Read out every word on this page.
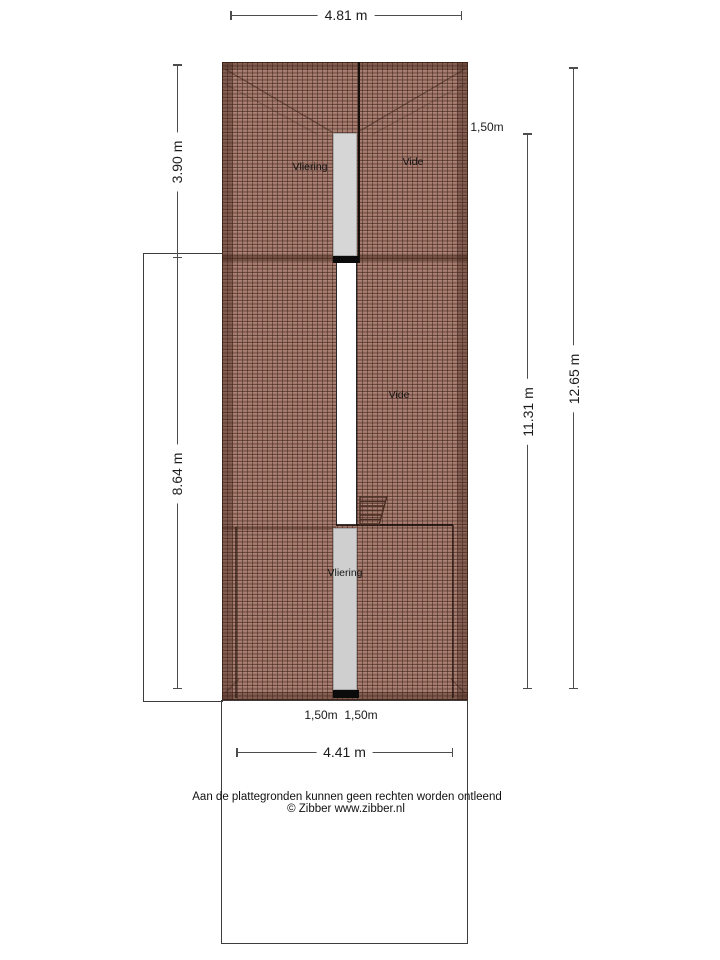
Vliering	Vide
Vide
Vliering
4.81 m
4.41 m
3.90 m
8.64 m
11.31 m
12.65 m
1,50m
1,50m 1,50m
Aan de plattegronden kunnen geen rechten worden ontleend
© Zibber www.zibber.nl
